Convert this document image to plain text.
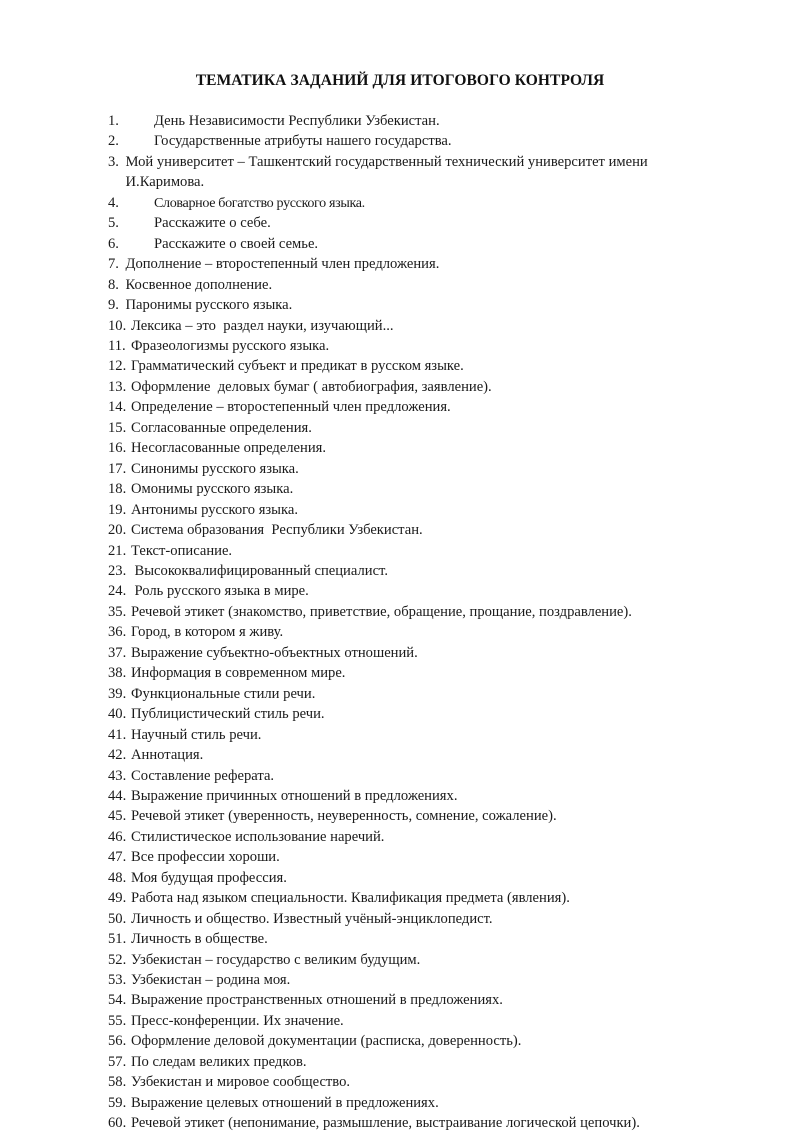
ТЕМАТИКА ЗАДАНИЙ ДЛЯ ИТОГОВОГО КОНТРОЛЯ
1.	День Независимости Республики Узбекистан.
2.	Государственные атрибуты нашего государства.
3. Мой университет – Ташкентский государственный технический университет имени И.Каримова.
4.	Словарное богатство русского языка.
5.	Расскажите о себе.
6.	Расскажите о своей семье.
7. Дополнение – второстепенный член предложения.
8. Косвенное дополнение.
9. Паронимы русского языка.
10. Лексика – это  раздел науки, изучающий...
11. Фразеологизмы русского языка.
12. Грамматический субъект и предикат в русском языке.
13. Оформление  деловых бумаг ( автобиография, заявление).
14. Определение – второстепенный член предложения.
15. Согласованные определения.
16. Несогласованные определения.
17. Синонимы русского языка.
18. Омонимы русского языка.
19. Антонимы русского языка.
20. Система образования  Республики Узбекистан.
21. Текст-описание.
23. Высококвалифицированный специалист.
24. Роль русского языка в мире.
35. Речевой этикет (знакомство, приветствие, обращение, прощание, поздравление).
36. Город, в котором я живу.
37. Выражение субъектно-объектных отношений.
38. Информация в современном мире.
39. Функциональные стили речи.
40. Публицистический стиль речи.
41. Научный стиль речи.
42. Аннотация.
43. Составление реферата.
44. Выражение причинных отношений в предложениях.
45. Речевой этикет (уверенность, неуверенность, сомнение, сожаление).
46. Стилистическое использование наречий.
47. Все профессии хороши.
48. Моя будущая профессия.
49. Работа над языком специальности. Квалификация предмета (явления).
50. Личность и общество. Известный учёный-энциклопедист.
51. Личность в обществе.
52. Узбекистан – государство с великим будущим.
53. Узбекистан – родина моя.
54. Выражение пространственных отношений в предложениях.
55. Пресс-конференции. Их значение.
56. Оформление деловой документации (расписка, доверенность).
57. По следам великих предков.
58. Узбекистан и мировое сообщество.
59. Выражение целевых отношений в предложениях.
60. Речевой этикет (непонимание, размышление, выстраивание логической цепочки).
